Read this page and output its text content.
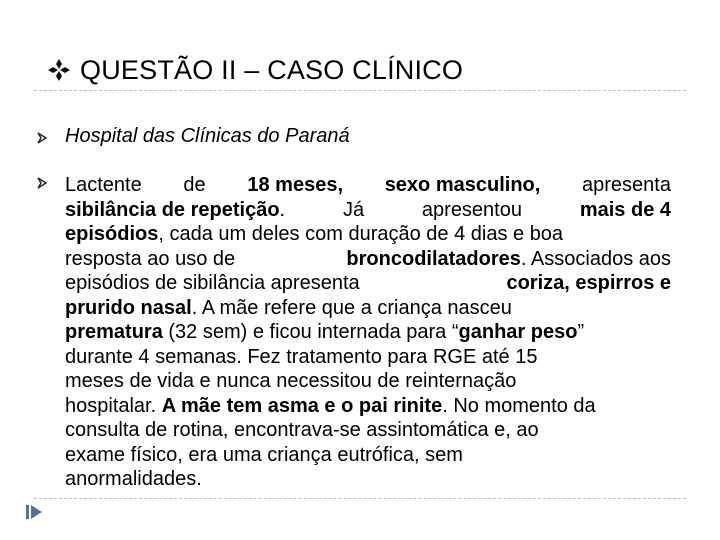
QUESTÃO II – CASO CLÍNICO
Hospital das Clínicas do Paraná
Lactente de 18 meses, sexo masculino, apresenta
sibilância de repetição.	Já	apresentou	mais de 4
episódios, cada um deles com duração de 4 dias e boa
resposta ao uso de	broncodilatadores. Associados aos
episódios de sibilância apresenta	coriza, espirros e
prurido nasal. A mãe refere que a criança nasceu
prematura (32 sem) e ficou internada para “ganhar peso”
durante 4 semanas. Fez tratamento para RGE até 15
meses de vida e nunca necessitou de reinternação
hospitalar. A mãe tem asma e o pai rinite. No momento da
consulta de rotina, encontrava-se assintomática e, ao
exame físico, era uma criança eutrófica, sem
anormalidades.
